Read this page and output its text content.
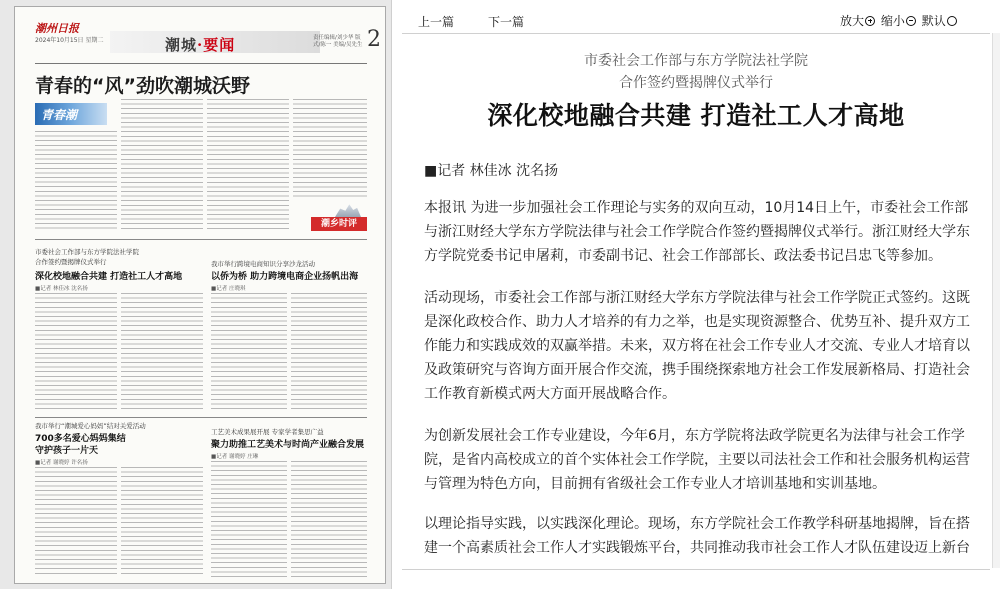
潮州日报
2024年10月15日 星期二	潮城·要闻	责任编辑/刘少华 版式/陈一 美编/吴先生 2
青春的“风”劲吹潮城沃野
青春潮
潮乡时评
市委社会工作部与东方学院法社学院
合作签约暨揭牌仪式举行
深化校地融合共建 打造社工人才高地
■记者 林佳冰 沈名扬
我市举行跨境电商知识分享沙龙活动
以侨为桥 助力跨境电商企业扬帆出海
■记者 庄晓琪
我市举行“潮城爱心妈妈”结对关爱活动
700多名爱心妈妈集结
守护孩子一片天
■记者 谢晓婷 许名扬
工艺美术成果展开展 专家学者集思广益
聚力助推工艺美术与时尚产业融合发展
■记者 谢晓婷 庄琳
上一篇	下一篇	放大
缩小
默认
市委社会工作部与东方学院法社学院
合作签约暨揭牌仪式举行
深化校地融合共建 打造社工人才高地
■记者 林佳冰 沈名扬

本报讯 为进一步加强社会工作理论与实务的双向互动，10月14日上午，市委社会工作部与浙江财经大学东方学院法律与社会工作学院合作签约暨揭牌仪式举行。浙江财经大学东方学院党委书记申屠莉，市委副书记、社会工作部部长、政法委书记吕忠飞等参加。

活动现场，市委社会工作部与浙江财经大学东方学院法律与社会工作学院正式签约。这既是深化政校合作、助力人才培养的有力之举，也是实现资源整合、优势互补、提升双方工作能力和实践成效的双赢举措。未来，双方将在社会工作专业人才交流、专业人才培育以及政策研究与咨询方面开展合作交流，携手围绕探索地方社会工作发展新格局、打造社会工作教育新模式两大方面开展战略合作。

为创新发展社会工作专业建设，今年6月，东方学院将法政学院更名为法律与社会工作学院，是省内高校成立的首个实体社会工作学院，主要以司法社会工作和社会服务机构运营与管理为特色方向，目前拥有省级社会工作专业人才培训基地和实训基地。

以理论指导实践，以实践深化理论。现场，东方学院社会工作教学科研基地揭牌，旨在搭建一个高素质社会工作人才实践锻炼平台，共同推动我市社会工作人才队伍建设迈上新台
